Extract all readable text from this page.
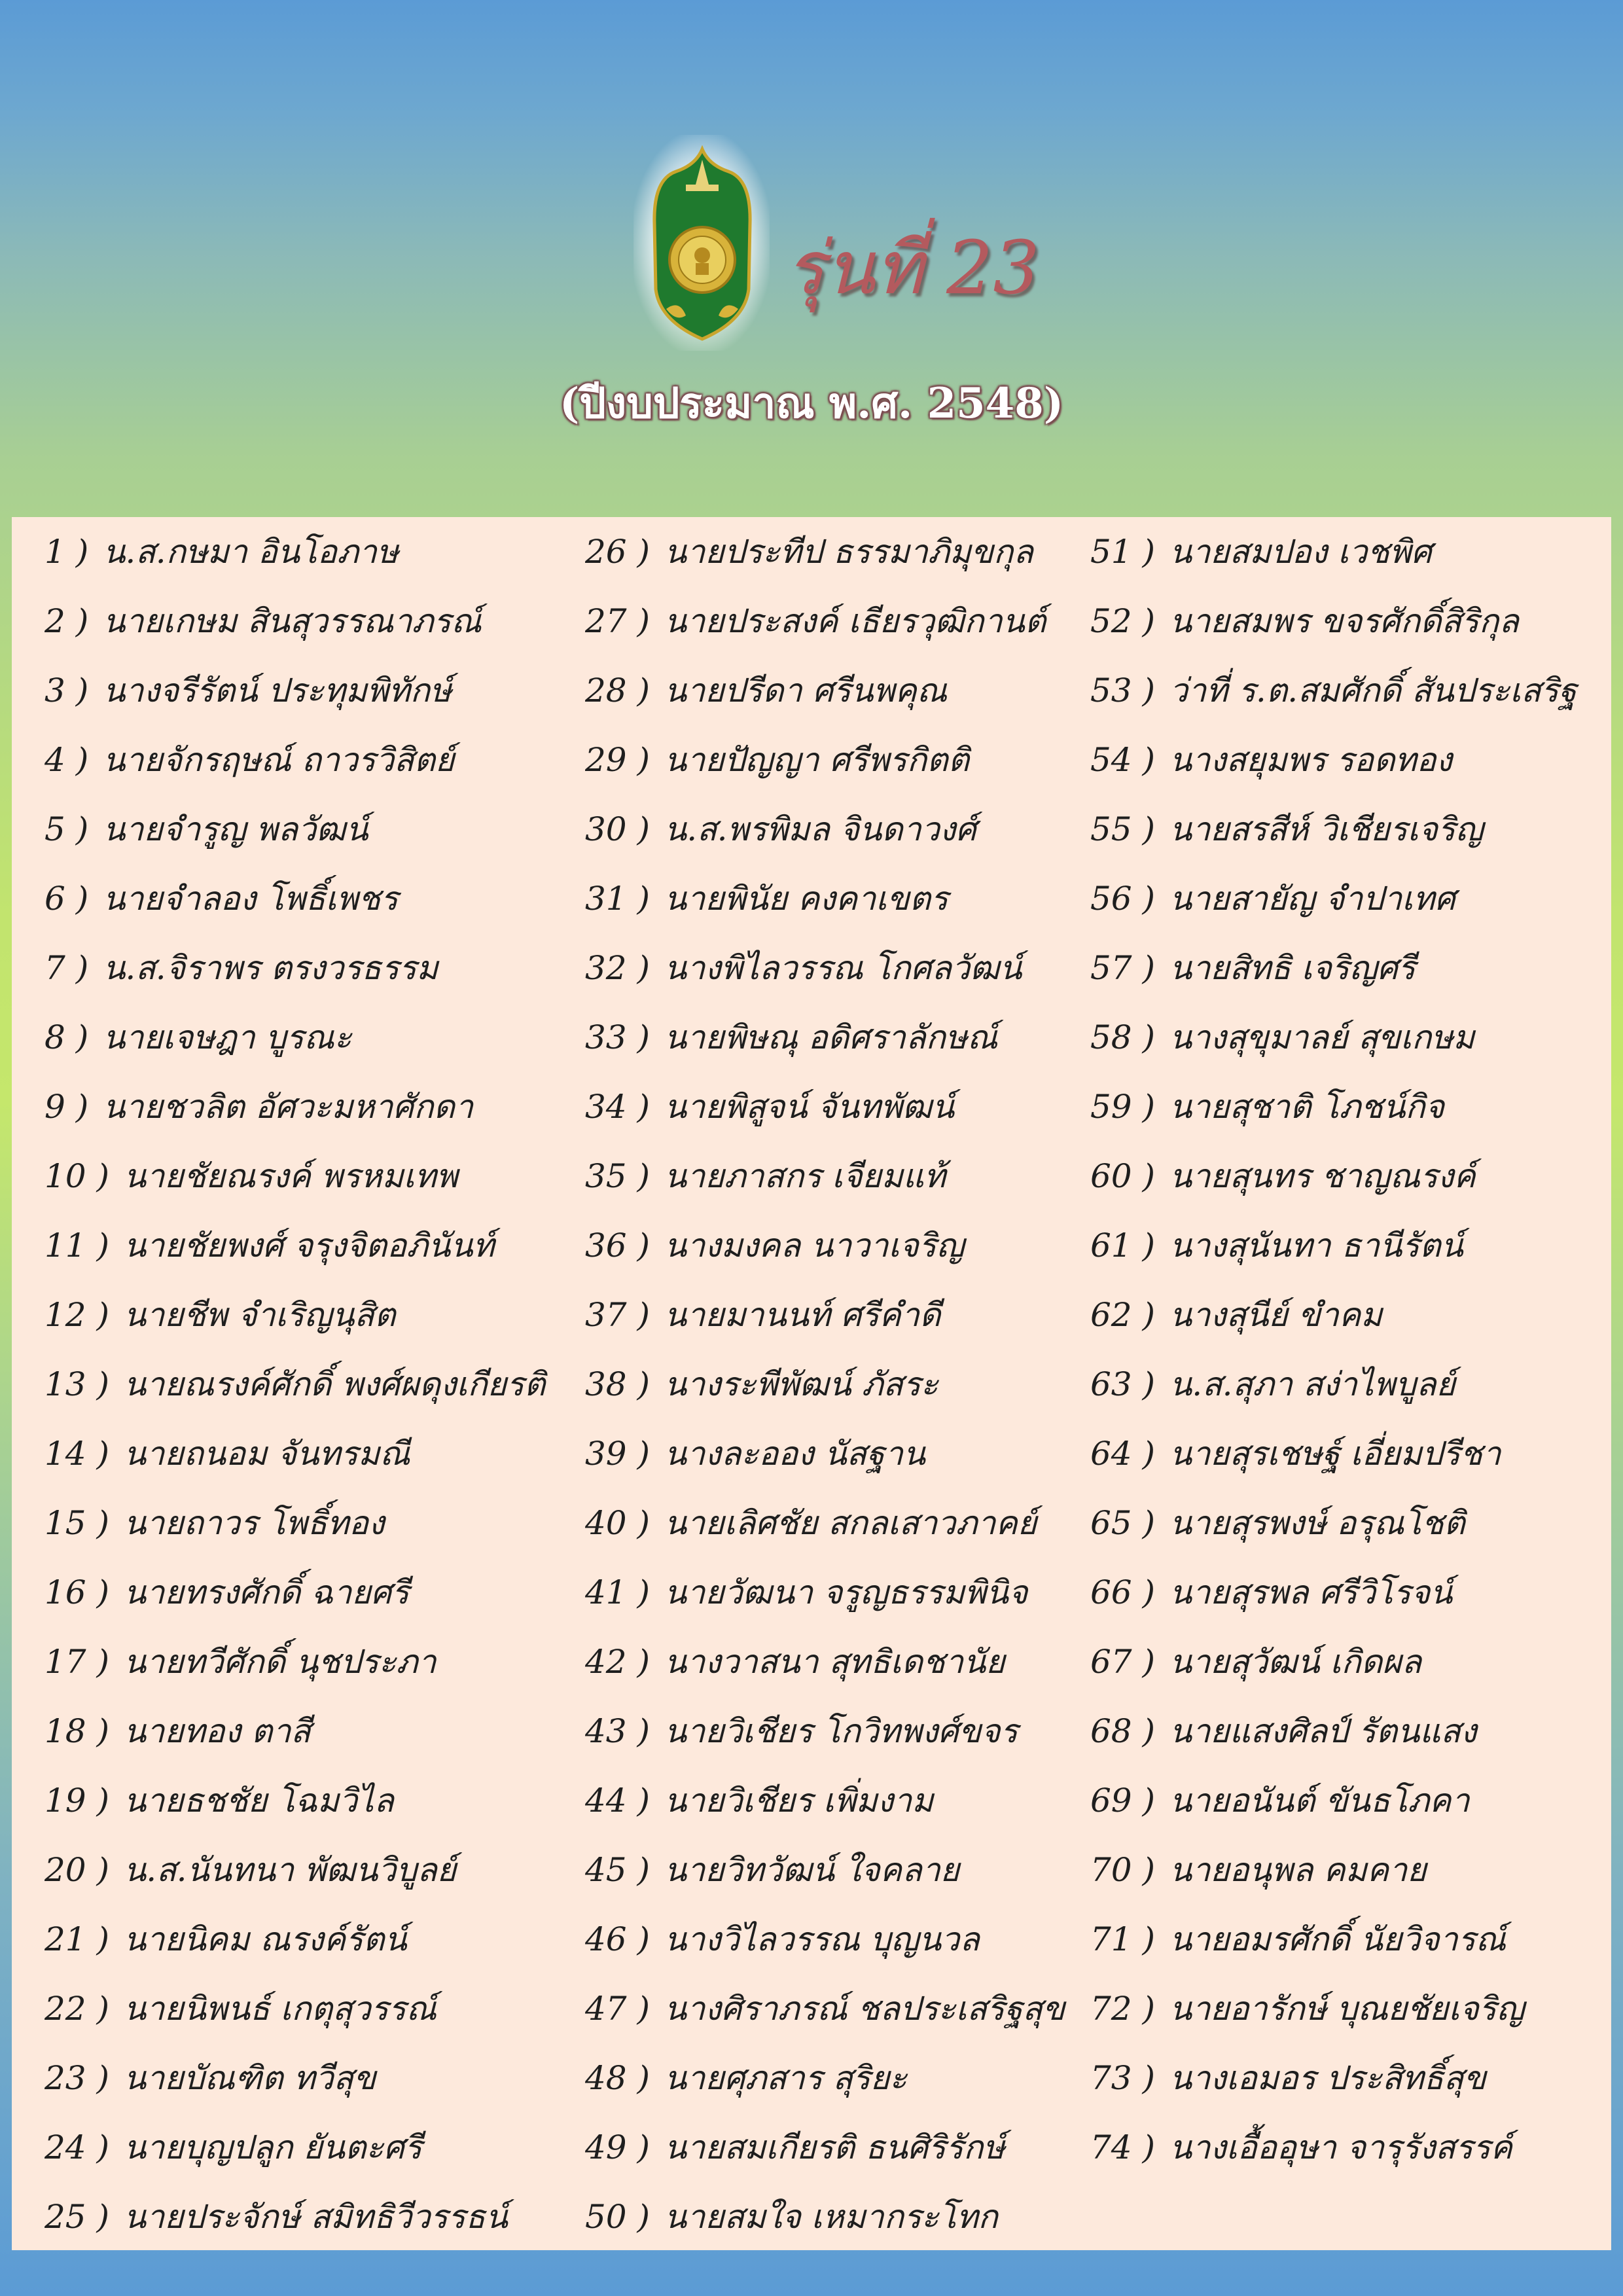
รุ่นที่ 23
(ปีงบประมาณ พ.ศ. 2548)
1 ) น.ส.กษมา อินโอภาษ
2 ) นายเกษม สินสุวรรณาภรณ์
3 ) นางจรีรัตน์ ประทุมพิทักษ์
4 ) นายจักรฤษณ์ ถาวรวิสิตย์
5 ) นายจำรูญ พลวัฒน์
6 ) นายจำลอง โพธิ์เพชร
7 ) น.ส.จิราพร ตรงวรธรรม
8 ) นายเจษฎา บูรณะ
9 ) นายชวลิต อัศวะมหาศักดา
10 ) นายชัยณรงค์ พรหมเทพ
11 ) นายชัยพงศ์ จรุงจิตอภินันท์
12 ) นายชีพ จำเริญนุสิต
13 ) นายณรงค์ศักดิ์ พงศ์ผดุงเกียรติ
14 ) นายถนอม จันทรมณี
15 ) นายถาวร โพธิ์ทอง
16 ) นายทรงศักดิ์ ฉายศรี
17 ) นายทวีศักดิ์ นุชประภา
18 ) นายทอง ตาสี
19 ) นายธชชัย โฉมวิไล
20 ) น.ส.นันทนา พัฒนวิบูลย์
21 ) นายนิคม ณรงค์รัตน์
22 ) นายนิพนธ์ เกตุสุวรรณ์
23 ) นายบัณฑิต ทวีสุข
24 ) นายบุญปลูก ยันตะศรี
25 ) นายประจักษ์ สมิทธิวีวรรธน์
26 ) นายประทีป ธรรมาภิมุขกุล
27 ) นายประสงค์ เธียรวุฒิกานต์
28 ) นายปรีดา ศรีนพคุณ
29 ) นายปัญญา ศรีพรกิตติ
30 ) น.ส.พรพิมล จินดาวงศ์
31 ) นายพินัย คงคาเขตร
32 ) นางพิไลวรรณ โกศลวัฒน์
33 ) นายพิษณุ อดิศราลักษณ์
34 ) นายพิสูจน์ จันทพัฒน์
35 ) นายภาสกร เจียมแท้
36 ) นางมงคล นาวาเจริญ
37 ) นายมานนท์ ศรีคำดี
38 ) นางระพีพัฒน์ ภัสระ
39 ) นางละออง นัสฐาน
40 ) นายเลิศชัย สกลเสาวภาคย์
41 ) นายวัฒนา จรูญธรรมพินิจ
42 ) นางวาสนา สุทธิเดชานัย
43 ) นายวิเชียร โกวิทพงศ์ขจร
44 ) นายวิเชียร เพิ่มงาม
45 ) นายวิทวัฒน์ ใจคลาย
46 ) นางวิไลวรรณ บุญนวล
47 ) นางศิราภรณ์ ชลประเสริฐสุข
48 ) นายศุภสาร สุริยะ
49 ) นายสมเกียรติ ธนศิริรักษ์
50 ) นายสมใจ เหมากระโทก
51 ) นายสมปอง เวชพิศ
52 ) นายสมพร ขจรศักดิ์สิริกุล
53 ) ว่าที่ ร.ต.สมศักดิ์ สันประเสริฐ
54 ) นางสยุมพร รอดทอง
55 ) นายสรสีห์ วิเชียรเจริญ
56 ) นายสายัญ จำปาเทศ
57 ) นายสิทธิ เจริญศรี
58 ) นางสุขุมาลย์ สุขเกษม
59 ) นายสุชาติ โภชน์กิจ
60 ) นายสุนทร ชาญณรงค์
61 ) นางสุนันทา ธานีรัตน์
62 ) นางสุนีย์ ขำคม
63 ) น.ส.สุภา สง่าไพบูลย์
64 ) นายสุรเชษฐ์ เอี่ยมปรีชา
65 ) นายสุรพงษ์ อรุณโชติ
66 ) นายสุรพล ศรีวิโรจน์
67 ) นายสุวัฒน์ เกิดผล
68 ) นายแสงศิลป์ รัตนแสง
69 ) นายอนันต์ ขันธโภคา
70 ) นายอนุพล คมคาย
71 ) นายอมรศักดิ์ นัยวิจารณ์
72 ) นายอารักษ์ บุณยชัยเจริญ
73 ) นางเอมอร ประสิทธิ์สุข
74 ) นางเอื้ออุษา จารุรังสรรค์
